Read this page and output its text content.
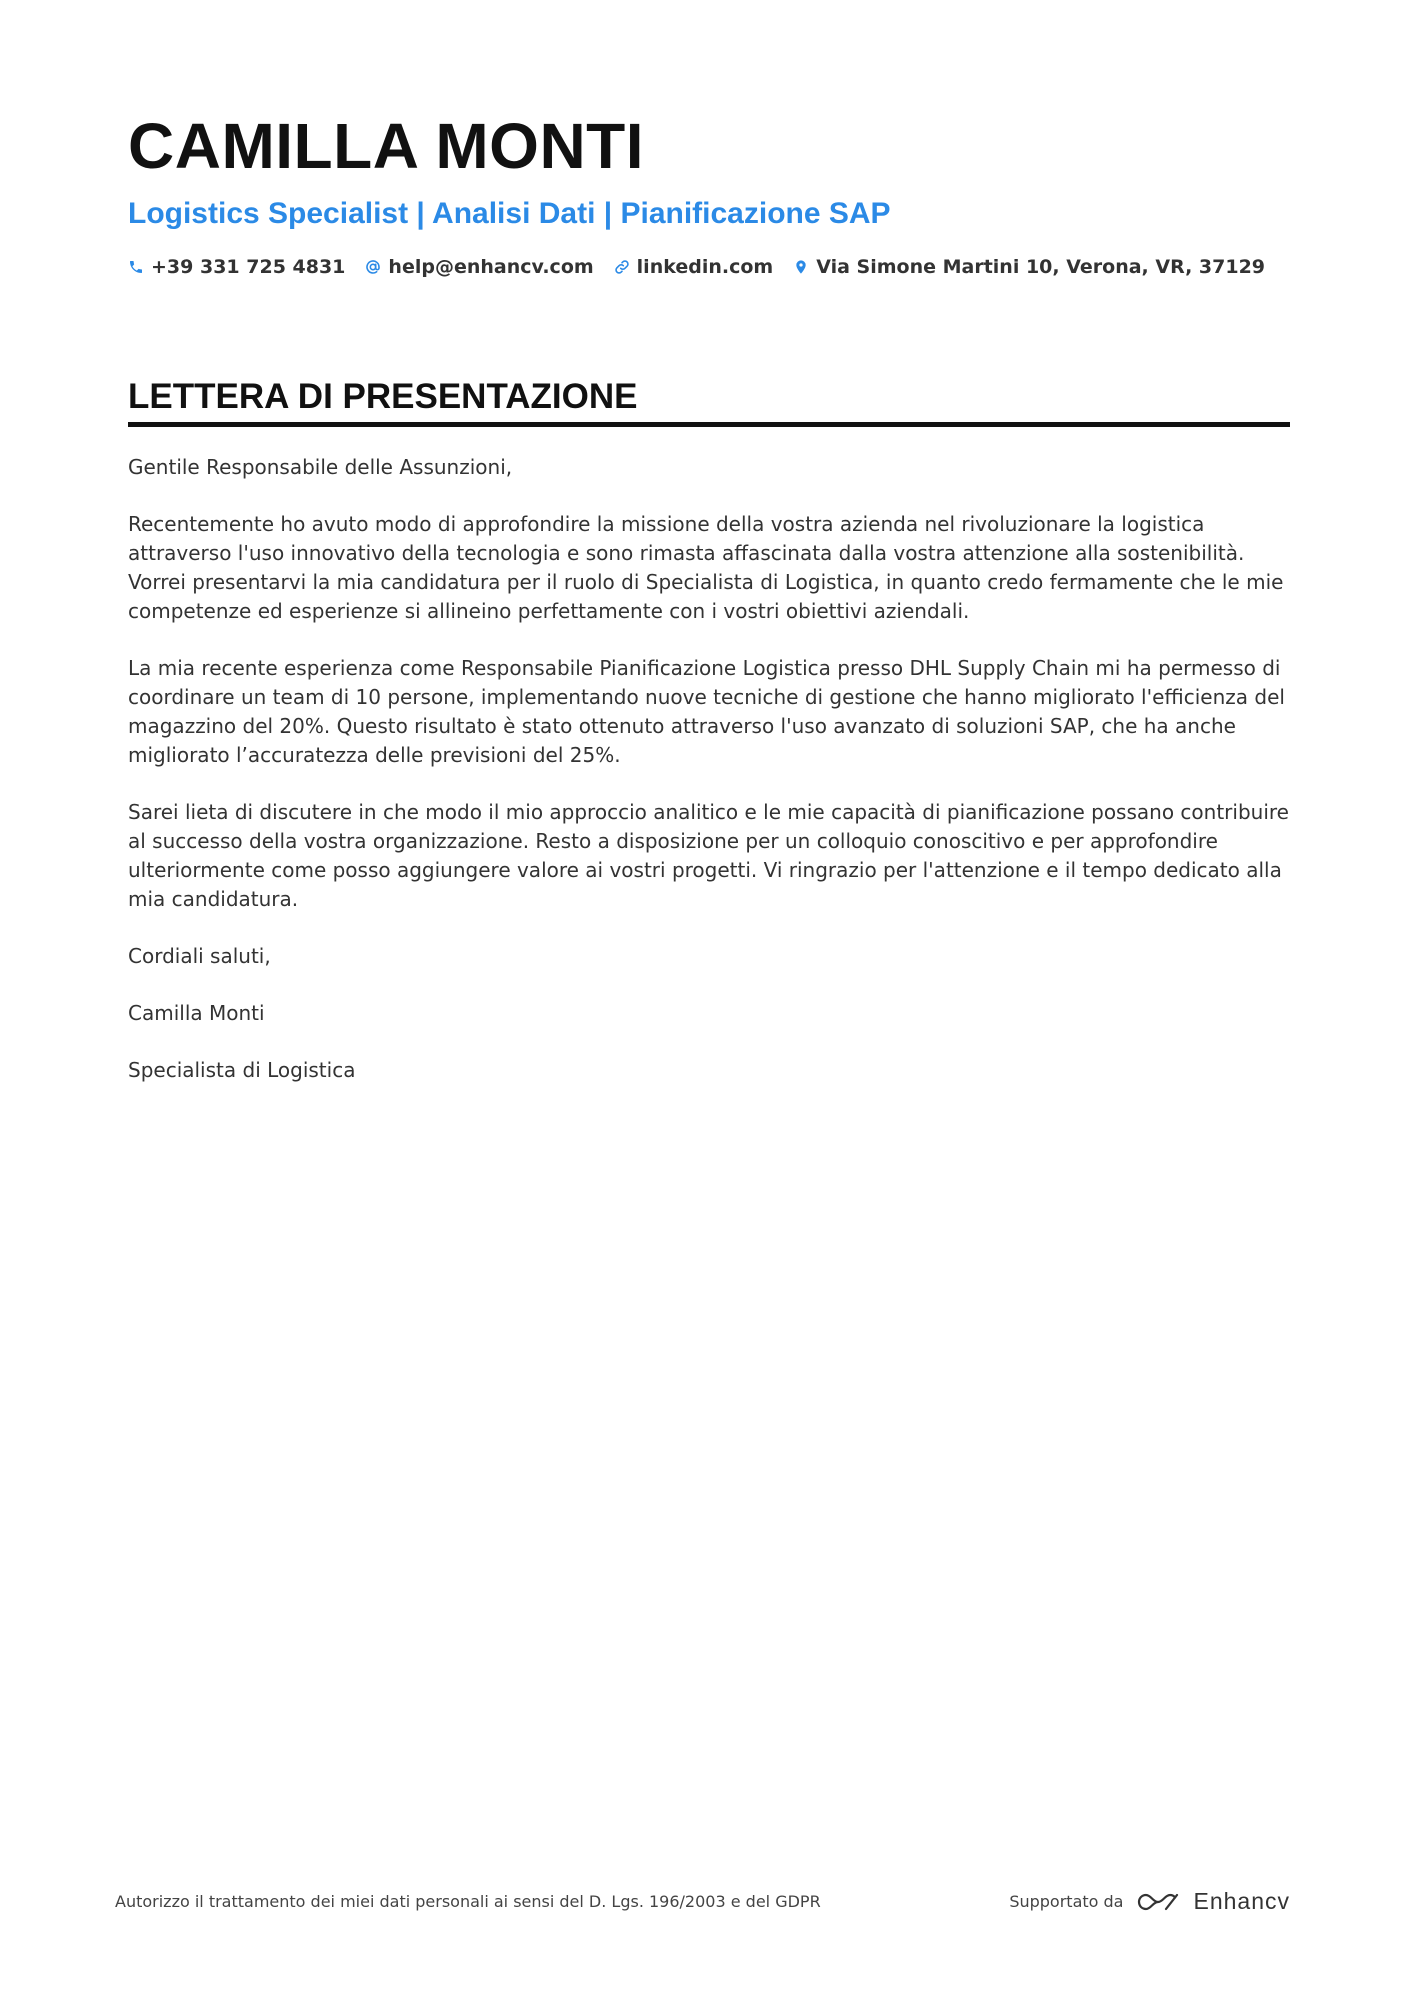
CAMILLA MONTI
Logistics Specialist | Analisi Dati | Pianificazione SAP
+39 331 725 4831 help@enhancv.com linkedin.com Via Simone Martini 10, Verona, VR, 37129
LETTERA DI PRESENTAZIONE

Gentile Responsabile delle Assunzioni,

Recentemente ho avuto modo di approfondire la missione della vostra azienda nel rivoluzionare la logistica attraverso l'uso innovativo della tecnologia e sono rimasta affascinata dalla vostra attenzione alla sostenibilità. Vorrei presentarvi la mia candidatura per il ruolo di Specialista di Logistica, in quanto credo fermamente che le mie competenze ed esperienze si allineino perfettamente con i vostri obiettivi aziendali.

La mia recente esperienza come Responsabile Pianificazione Logistica presso DHL Supply Chain mi ha permesso di coordinare un team di 10 persone, implementando nuove tecniche di gestione che hanno migliorato l'efficienza del magazzino del 20%. Questo risultato è stato ottenuto attraverso l'uso avanzato di soluzioni SAP, che ha anche migliorato l’accuratezza delle previsioni del 25%.

Sarei lieta di discutere in che modo il mio approccio analitico e le mie capacità di pianificazione possano contribuire al successo della vostra organizzazione. Resto a disposizione per un colloquio conoscitivo e per approfondire ulteriormente come posso aggiungere valore ai vostri progetti. Vi ringrazio per l'attenzione e il tempo dedicato alla mia candidatura.

Cordiali saluti,

Camilla Monti

Specialista di Logistica

Autorizzo il trattamento dei miei dati personali ai sensi del D. Lgs. 196/2003 e del GDPR	Supportato da	Enhancv
